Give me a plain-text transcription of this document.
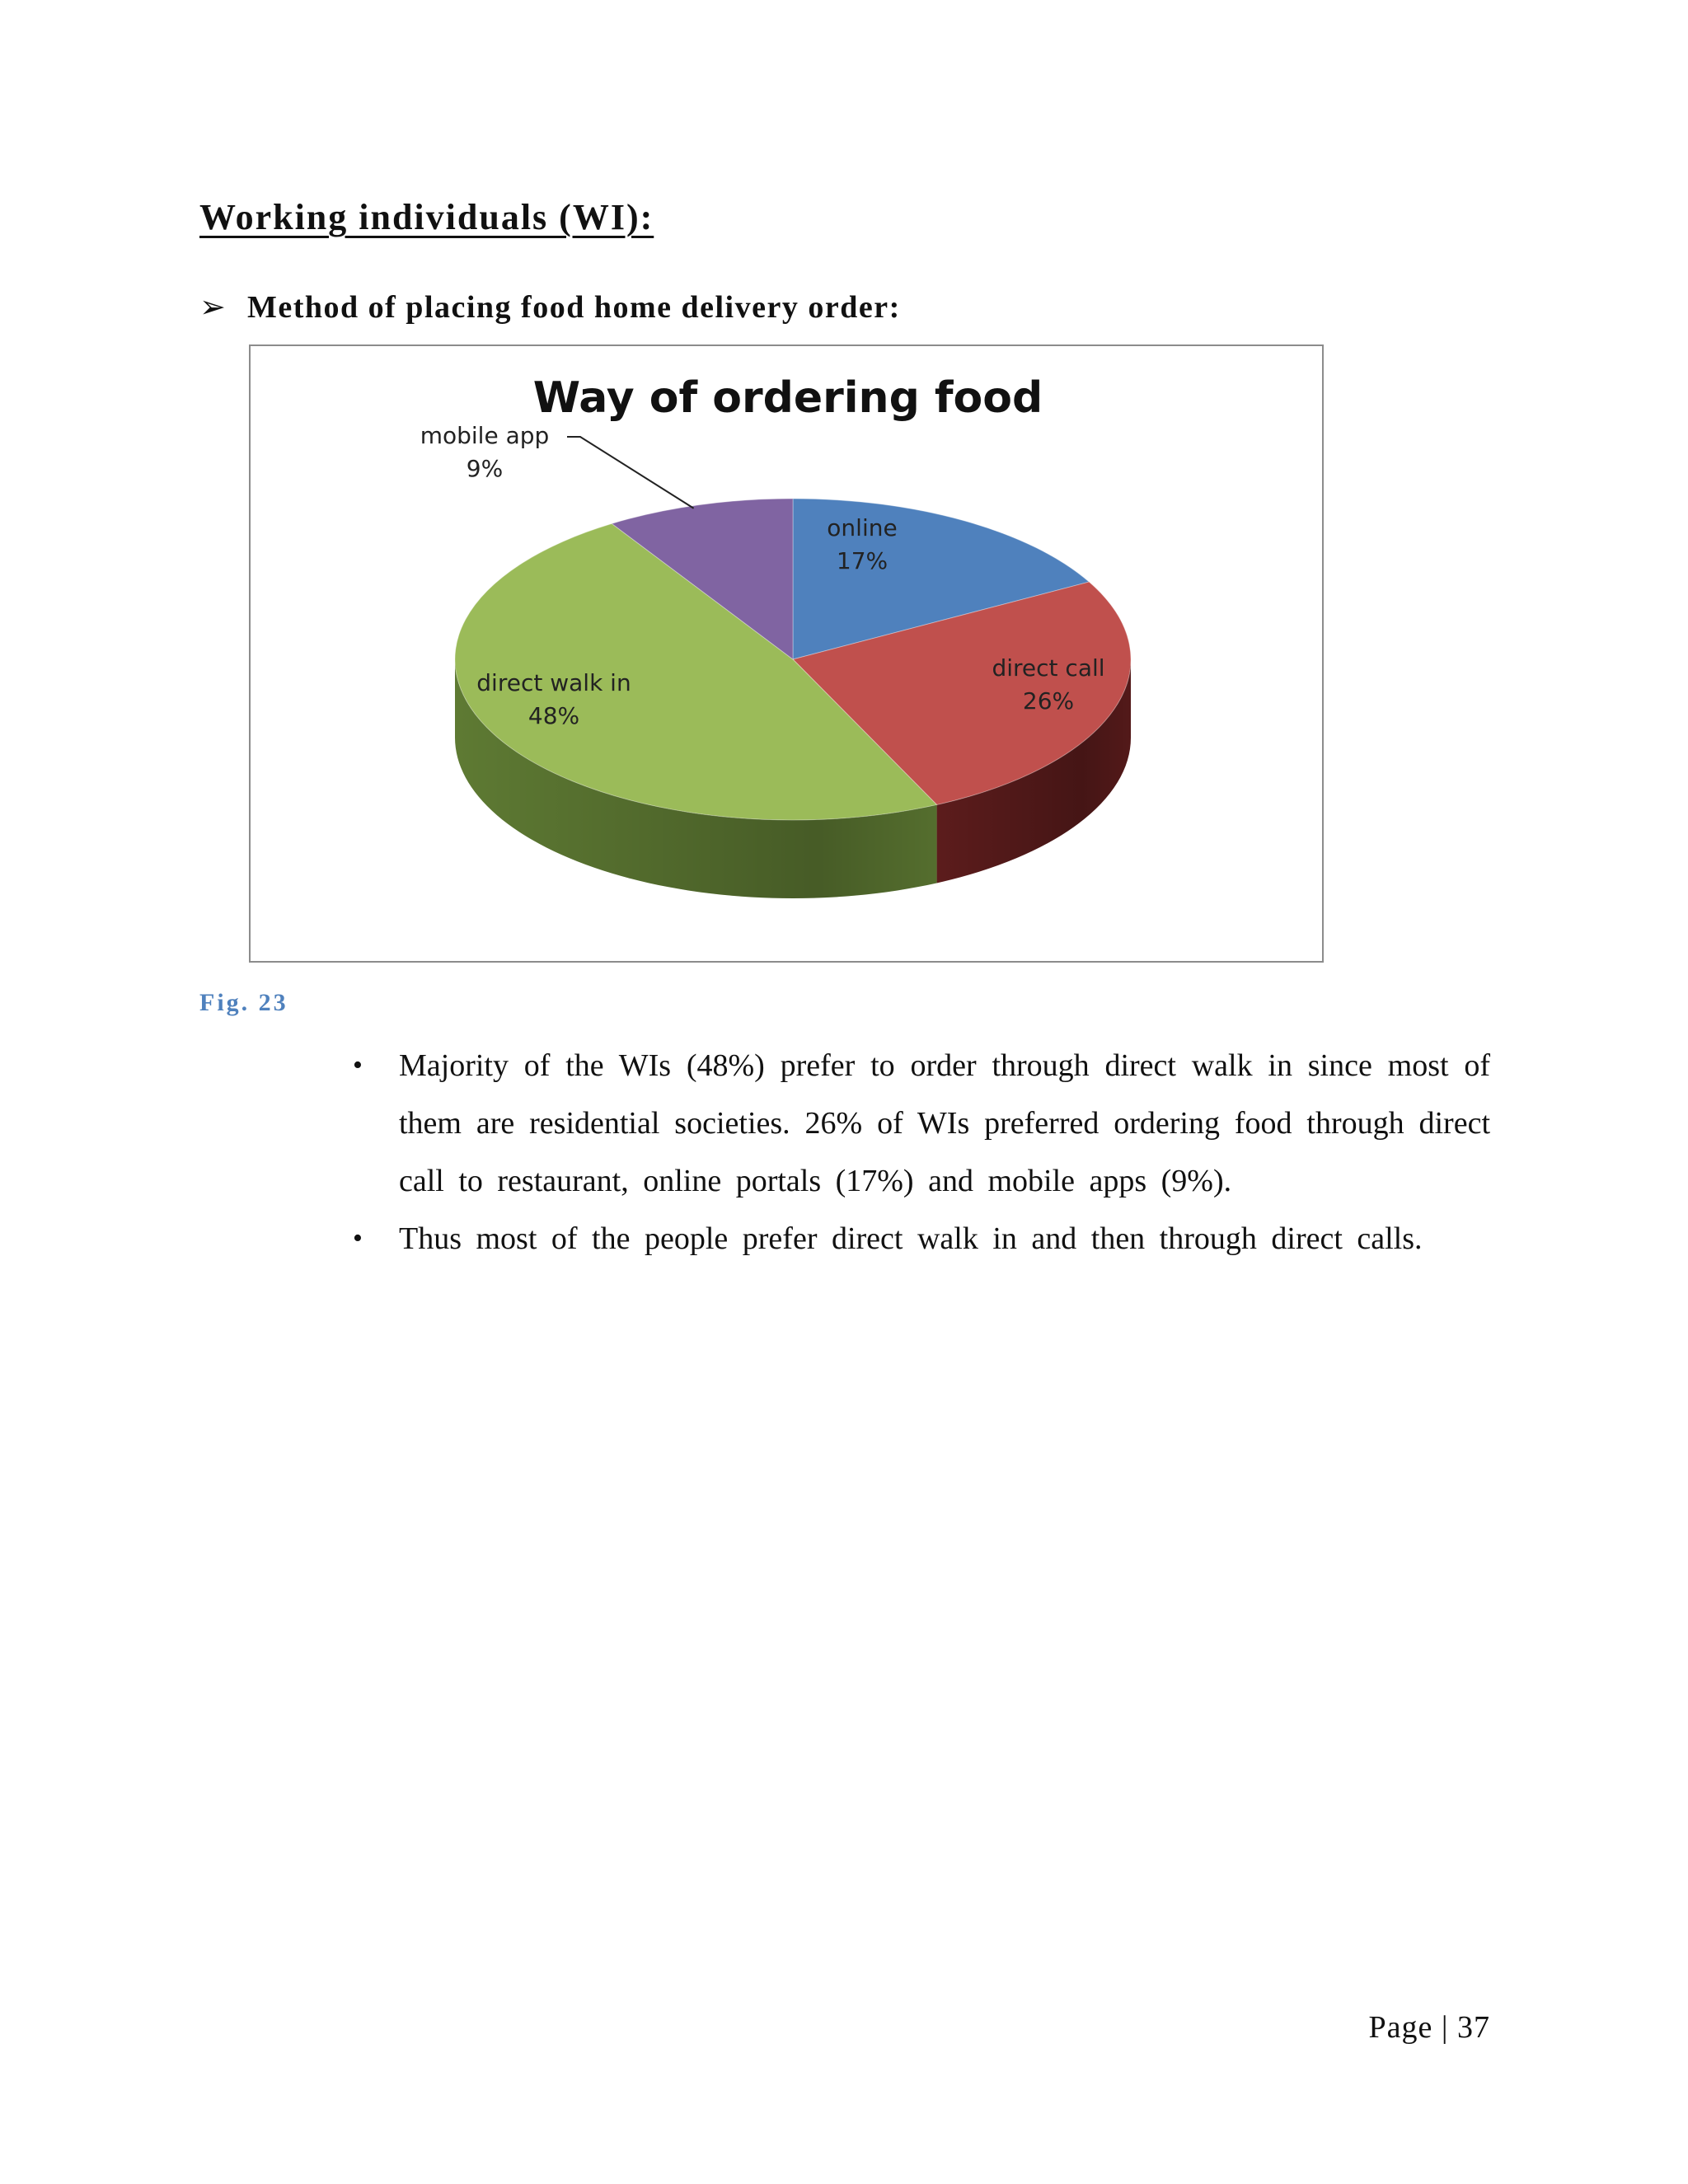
Working individuals (WI):
➢ Method of placing food home delivery order:
online
17%
direct call
26%
direct walk in
48%
mobile app
9%
Way of ordering food

Fig. 23

• Majority of the WIs (48%) prefer to order through direct walk in since most of them are residential societies. 26% of WIs preferred ordering food through direct call to restaurant, online portals (17%) and mobile apps (9%).
• Thus most of the people prefer direct walk in and then through direct calls.

Page | 37
